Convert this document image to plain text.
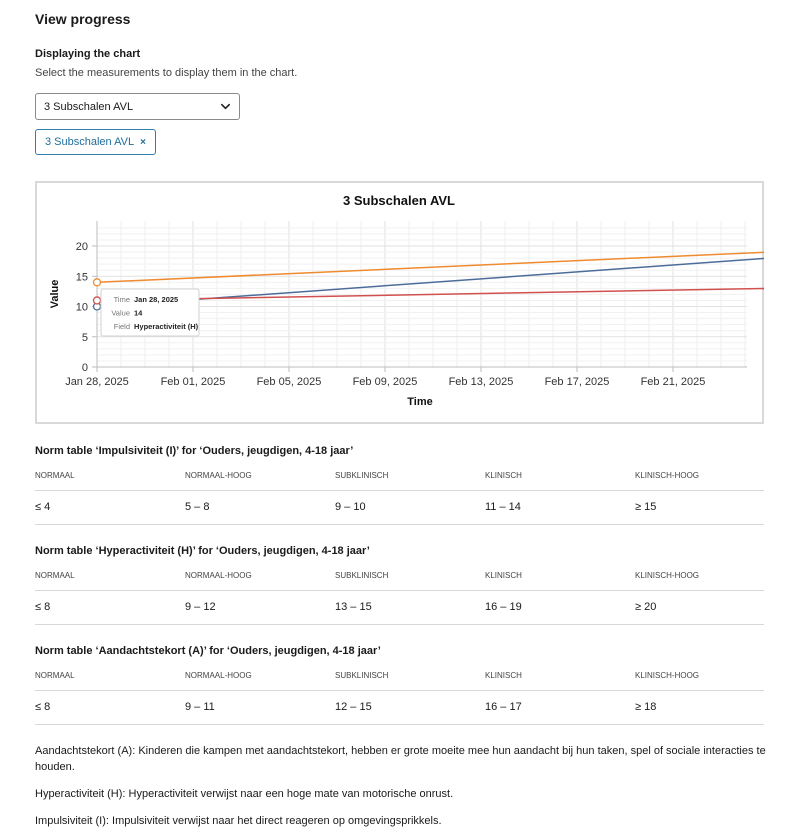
View progress
Displaying the chart
Select the measurements to display them in the chart.
3 Subschalen AVL
3 Subschalen AVL ×
0
5
10
15
20
Jan 28, 2025	Feb 01, 2025	Feb 05, 2025	Feb 09, 2025	Feb 13, 2025	Feb 17, 2025	Feb 21, 2025
3 Subschalen AVL
Time
Value	Time Jan 28, 2025
Value 14
Field Hyperactiviteit (H)
Norm table ‘Impulsiviteit (I)’ for ‘Ouders, jeugdigen, 4-18 jaar’
NORMAAL	NORMAAL-HOOG	SUBKLINISCH	KLINISCH	KLINISCH-HOOG
≤ 4	5 – 8	9 – 10	11 – 14	≥ 15
Norm table ‘Hyperactiviteit (H)’ for ‘Ouders, jeugdigen, 4-18 jaar’
NORMAAL	NORMAAL-HOOG	SUBKLINISCH	KLINISCH	KLINISCH-HOOG
≤ 8	9 – 12	13 – 15	16 – 19	≥ 20
Norm table ‘Aandachtstekort (A)’ for ‘Ouders, jeugdigen, 4-18 jaar’
NORMAAL	NORMAAL-HOOG	SUBKLINISCH	KLINISCH	KLINISCH-HOOG
≤ 8	9 – 11	12 – 15	16 – 17	≥ 18
Aandachtstekort (A): Kinderen die kampen met aandachtstekort, hebben er grote moeite mee hun aandacht bij hun taken, spel of sociale interacties te houden.
Hyperactiviteit (H): Hyperactiviteit verwijst naar een hoge mate van motorische onrust.
Impulsiviteit (I): Impulsiviteit verwijst naar het direct reageren op omgevingsprikkels.
